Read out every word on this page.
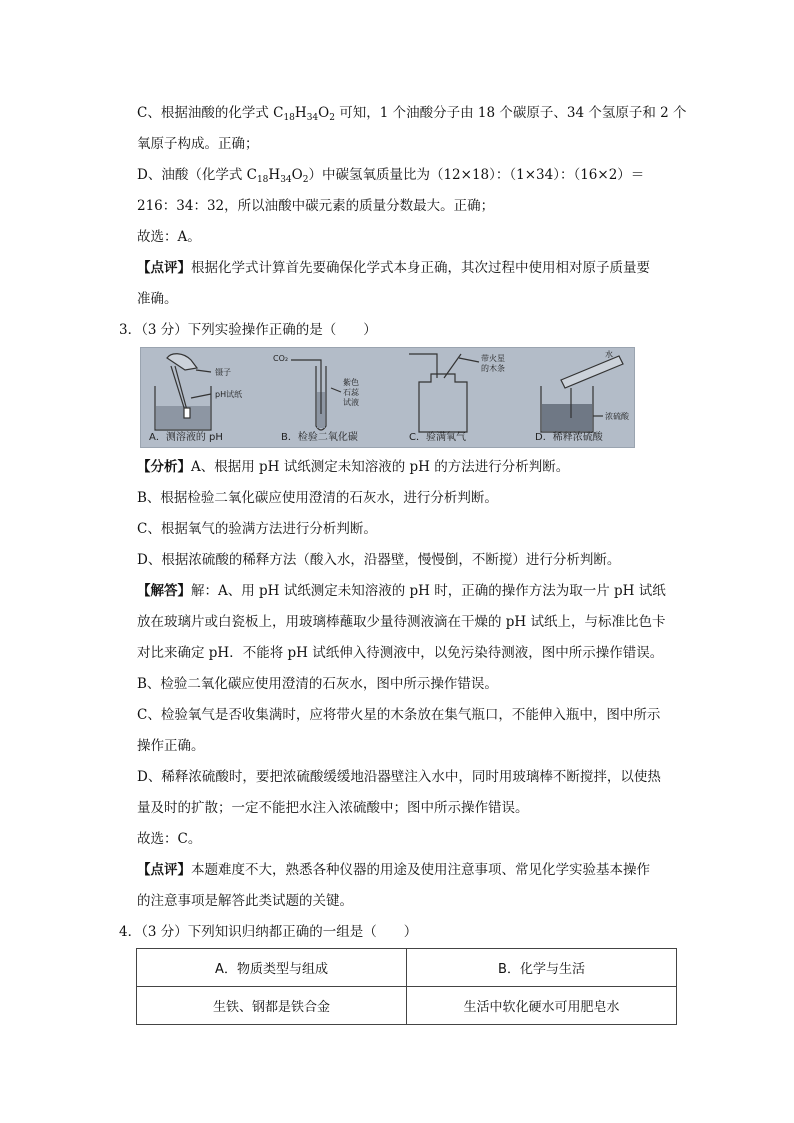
C、根据油酸的化学式 $C_{18}H_{34}O_2$ 可知，1 个油酸分子由 18 个碳原子、34 个氢原子和 2 个
氧原子构成。正确；
D、油酸（化学式 $C_{18}H_{34}O_2$）中碳氢氧质量比为（12×18）：（1×34）：（16×2）＝
216：34：32，所以油酸中碳元素的质量分数最大。正确；
故选：A。
【点评】根据化学式计算首先要确保化学式本身正确，其次过程中使用相对原子质量要
准确。
3．（3 分）下列实验操作正确的是（　　）
镊子
pH试纸
CO₂
紫色
石蕊
试液
带火星
的木条
水
浓硫酸
A．测溶液的 pH	B．检验二氧化碳	C．验满氧气	D．稀释浓硫酸
【分析】A、根据用 pH 试纸测定未知溶液的 pH 的方法进行分析判断。
B、根据检验二氧化碳应使用澄清的石灰水，进行分析判断。
C、根据氧气的验满方法进行分析判断。
D、根据浓硫酸的稀释方法（酸入水，沿器壁，慢慢倒，不断搅）进行分析判断。
【解答】解：A、用 pH 试纸测定未知溶液的 pH 时，正确的操作方法为取一片 pH 试纸
放在玻璃片或白瓷板上，用玻璃棒蘸取少量待测液滴在干燥的 pH 试纸上，与标准比色卡
对比来确定 pH．不能将 pH 试纸伸入待测液中，以免污染待测液，图中所示操作错误。
B、检验二氧化碳应使用澄清的石灰水，图中所示操作错误。
C、检验氧气是否收集满时，应将带火星的木条放在集气瓶口，不能伸入瓶中，图中所示
操作正确。
D、稀释浓硫酸时，要把浓硫酸缓缓地沿器壁注入水中，同时用玻璃棒不断搅拌，以使热
量及时的扩散；一定不能把水注入浓硫酸中；图中所示操作错误。
故选：C。
【点评】本题难度不大，熟悉各种仪器的用途及使用注意事项、常见化学实验基本操作
的注意事项是解答此类试题的关键。
4．（3 分）下列知识归纳都正确的一组是（　　）
A．物质类型与组成	B．化学与生活
生铁、钢都是铁合金	生活中软化硬水可用肥皂水
